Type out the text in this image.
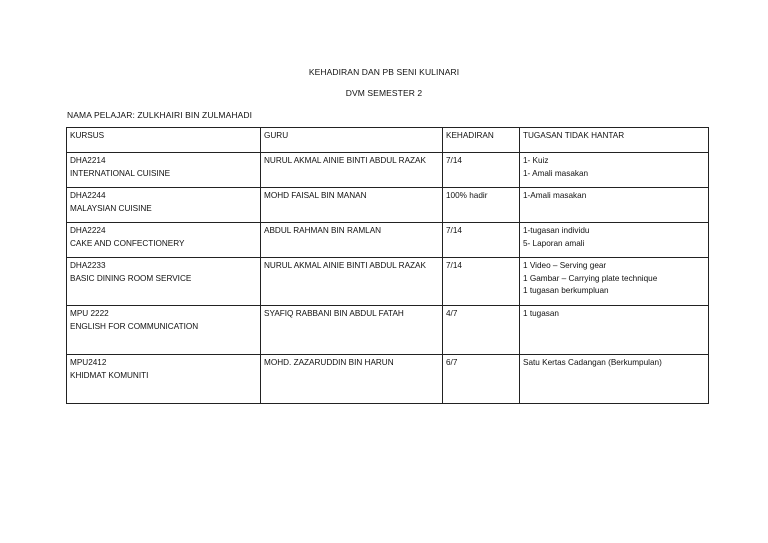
KEHADIRAN DAN PB SENI KULINARI
DVM SEMESTER 2
NAMA PELAJAR: ZULKHAIRI BIN ZULMAHADI
KURSUS	GURU	KEHADIRAN	TUGASAN TIDAK HANTAR

DHA2214
INTERNATIONAL CUISINE	NURUL AKMAL AINIE BINTI ABDUL RAZAK	7/14	1- Kuiz
1- Amali masakan

DHA2244
MALAYSIAN CUISINE	MOHD FAISAL BIN MANAN	100% hadir	1-Amali masakan

DHA2224
CAKE AND CONFECTIONERY	ABDUL RAHMAN BIN RAMLAN	7/14	1-tugasan individu
5- Laporan amali

DHA2233
BASIC DINING ROOM SERVICE	NURUL AKMAL AINIE BINTI ABDUL RAZAK	7/14	1 Video – Serving gear
1 Gambar – Carrying plate technique
1 tugasan berkumpluan

MPU 2222
ENGLISH FOR COMMUNICATION	SYAFIQ RABBANI BIN ABDUL FATAH	4/7	1 tugasan

MPU2412
KHIDMAT KOMUNITI	MOHD. ZAZARUDDIN BIN HARUN	6/7	Satu Kertas Cadangan (Berkumpulan)
